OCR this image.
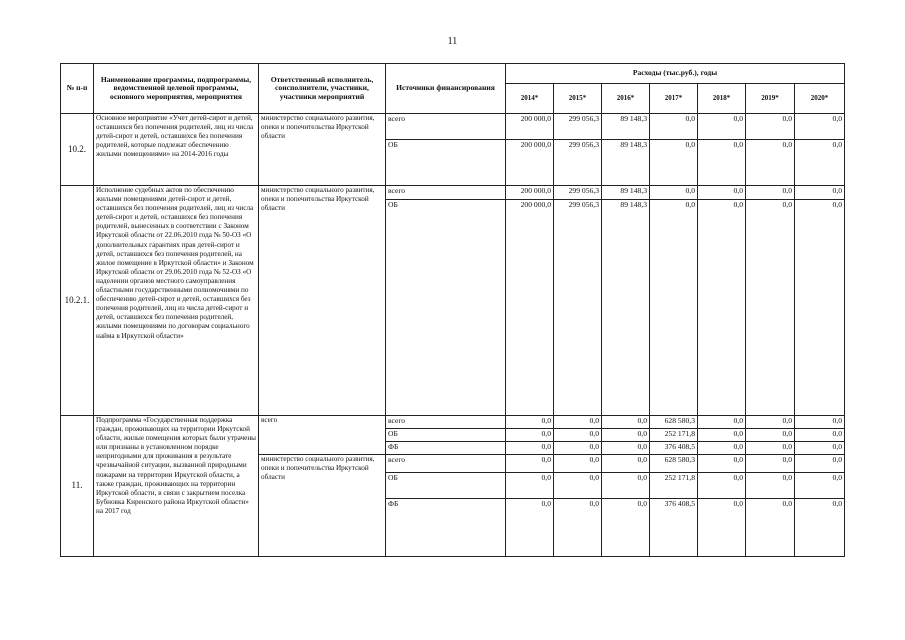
11
№ п-п	Наименование программы, подпрограммы, ведомственной целевой программы, основного мероприятия, мероприятия	Ответственный исполнитель, соисполнители, участники, участники мероприятий	Источники финансирования	Расходы (тыс.руб.), годы						
				2014*	2015*	2016*	2017*	2018*	2019*	2020*
10.2.	Основное мероприятие «Учет детей-сирот и детей, оставшихся без попечения родителей, лиц из числа детей-сирот и детей, оставшихся без попечения родителей, которые подлежат обеспечению жилыми помещениями» на 2014-2016 годы	министерство социального развития, опеки и попечительства Иркутской области	всего	200 000,0	299 056,3	89 148,3	0,0	0,0	0,0	0,0
			ОБ	200 000,0	299 056,3	89 148,3	0,0	0,0	0,0	0,0
10.2.1.	Исполнение судебных актов по обеспечению жилыми помещениями детей-сирот и детей, оставшихся без попечения родителей, лиц из числа детей-сирот и детей, оставшихся без попечения родителей, вынесенных в соответствии с Законом Иркутской области от 22.06.2010 года № 50-ОЗ «О дополнительных гарантиях прав детей-сирот и детей, оставшихся без попечения родителей, на жилое помещение в Иркутской области» и Законом Иркутской области от 29.06.2010 года № 52-ОЗ «О наделении органов местного самоуправления областными государственными полномочиями по обеспечению детей-сирот и детей, оставшихся без попечения родителей, лиц из числа детей-сирот и детей, оставшихся без попечения родителей, жилыми помещениями по договорам социального найма в Иркутской области»	министерство социального развития, опеки и попечительства Иркутской области	всего	200 000,0	299 056,3	89 148,3	0,0	0,0	0,0	0,0
			ОБ	200 000,0	299 056,3	89 148,3	0,0	0,0	0,0	0,0
11.	Подпрограмма «Государственная поддержка граждан, проживающих на территории Иркутской области, жилые помещения которых были утрачены или признаны в установленном порядке непригодными для проживания в результате чрезвычайной ситуации, вызванной природными пожарами на территории Иркутской области, а также граждан, проживающих на территории Иркутской области, в связи с закрытием поселка Бубновка Киренского района Иркутской области» на 2017 год	всего	всего	0,0	0,0	0,0	628 580,3	0,0	0,0	0,0
			ОБ	0,0	0,0	0,0	252 171,8	0,0	0,0	0,0
			ФБ	0,0	0,0	0,0	376 408,5	0,0	0,0	0,0
		министерство социального развития, опеки и попечительства Иркутской области	всего	0,0	0,0	0,0	628 580,3	0,0	0,0	0,0
			ОБ	0,0	0,0	0,0	252 171,8	0,0	0,0	0,0
			ФБ	0,0	0,0	0,0	376 408,5	0,0	0,0	0,0
